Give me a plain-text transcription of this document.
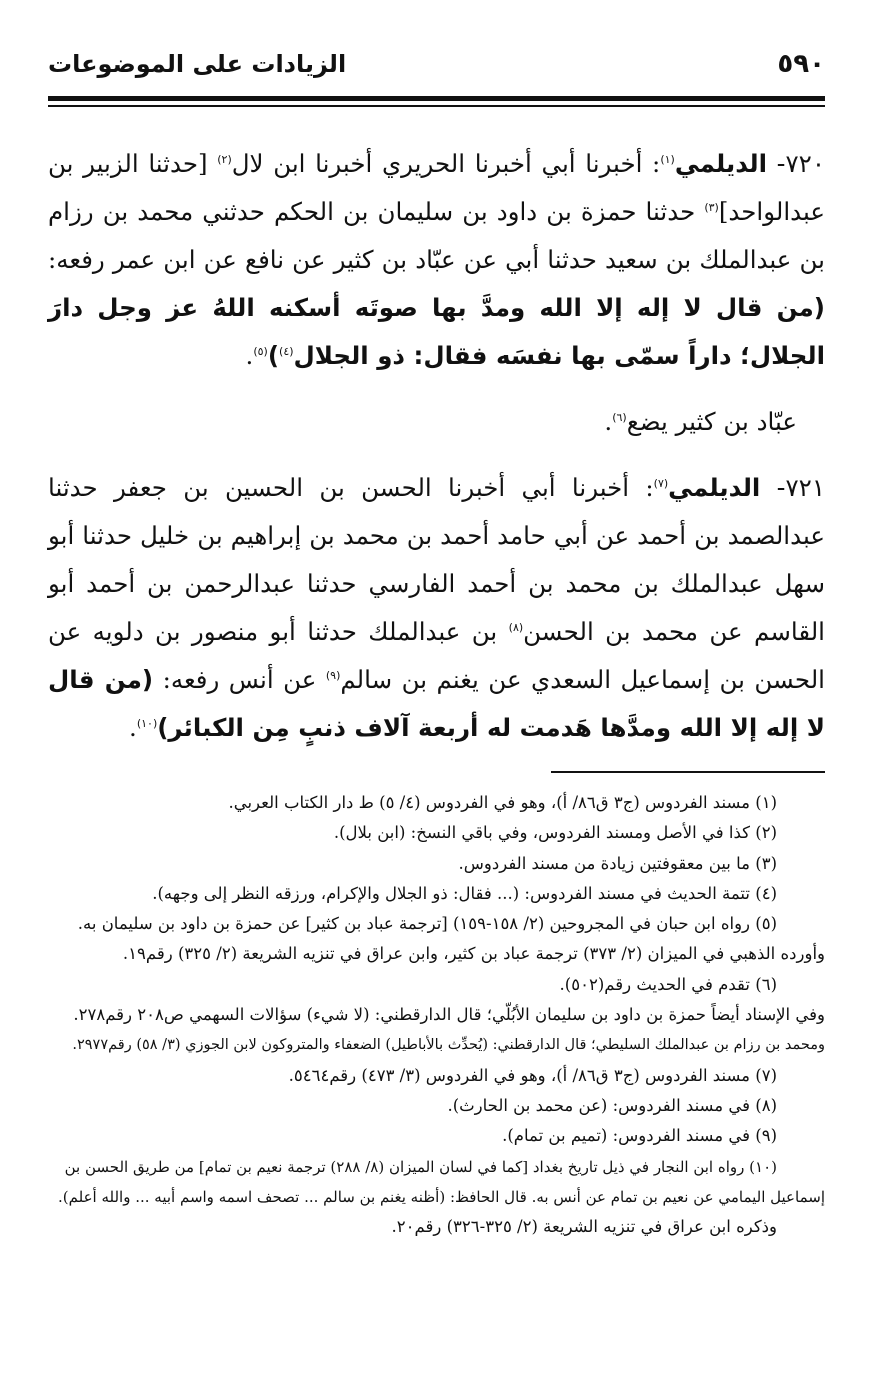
٥٩٠
الزيادات على الموضوعات

٧٢٠- الديلمي$^{(١)}$: أخبرنا أبي أخبرنا الحريري أخبرنا ابن لال$^{(٢)}$ [حدثنا الزبير بن عبدالواحد]$^{(٣)}$ حدثنا حمزة بن داود بن سليمان بن الحكم حدثني محمد بن رزام بن عبدالملك بن سعيد حدثنا أبي عن عبّاد بن كثير عن نافع عن ابن عمر رفعه: (من قال لا إله إلا الله ومدَّ بها صوتَه أسكنه اللهُ عز وجل دارَ الجلال؛ داراً سمّى بها نفسَه فقال: ذو الجلال$^{(٤)}$)$^{(٥)}$.

عبّاد بن كثير يضع$^{(٦)}$.

٧٢١- الديلمي$^{(٧)}$: أخبرنا أبي أخبرنا الحسن بن الحسين بن جعفر حدثنا عبدالصمد بن أحمد عن أبي حامد أحمد بن محمد بن إبراهيم بن خليل حدثنا أبو سهل عبدالملك بن محمد بن أحمد الفارسي حدثنا عبدالرحمن بن أحمد أبو القاسم عن محمد بن الحسن$^{(٨)}$ بن عبدالملك حدثنا أبو منصور بن دلويه عن الحسن بن إسماعيل السعدي عن يغنم بن سالم$^{(٩)}$ عن أنس رفعه: (من قال لا إله إلا الله ومدَّها هَدمت له أربعة آلاف ذنبٍ مِن الكبائر)$^{(١٠)}$.

(١) مسند الفردوس (ج٣ ق٨٦/ أ)، وهو في الفردوس (٤/ ٥) ط دار الكتاب العربي.

(٢) كذا في الأصل ومسند الفردوس، وفي باقي النسخ: (ابن بلال).

(٣) ما بين معقوفتين زيادة من مسند الفردوس.

(٤) تتمة الحديث في مسند الفردوس: (... فقال: ذو الجلال والإكرام، ورزقه النظر إلى وجهه).

(٥) رواه ابن حبان في المجروحين (٢/ ١٥٨-١٥٩) [ترجمة عباد بن كثير] عن حمزة بن داود بن سليمان به.

وأورده الذهبي في الميزان (٢/ ٣٧٣) ترجمة عباد بن كثير، وابن عراق في تنزيه الشريعة (٢/ ٣٢٥) رقم١٩.

(٦) تقدم في الحديث رقم(٥٠٢).

وفي الإسناد أيضاً حمزة بن داود بن سليمان الأبُلّي؛ قال الدارقطني: (لا شيء) سؤالات السهمي ص٢٠٨ رقم٢٧٨.

ومحمد بن رزام بن عبدالملك السليطي؛ قال الدارقطني: (يُحدِّث بالأباطيل) الضعفاء والمتروكون لابن الجوزي (٣/ ٥٨) رقم٢٩٧٧.

(٧) مسند الفردوس (ج٣ ق٨٦/ أ)، وهو في الفردوس (٣/ ٤٧٣) رقم٥٤٦٤.

(٨) في مسند الفردوس: (عن محمد بن الحارث).

(٩) في مسند الفردوس: (تميم بن تمام).

(١٠) رواه ابن النجار في ذيل تاريخ بغداد [كما في لسان الميزان (٨/ ٢٨٨) ترجمة نعيم بن تمام] من طريق الحسن بن

إسماعيل اليمامي عن نعيم بن تمام عن أنس به. قال الحافظ: (أظنه يغنم بن سالم ... تصحف اسمه واسم أبيه ... والله أعلم).

وذكره ابن عراق في تنزيه الشريعة (٢/ ٣٢٥-٣٢٦) رقم٢٠.
